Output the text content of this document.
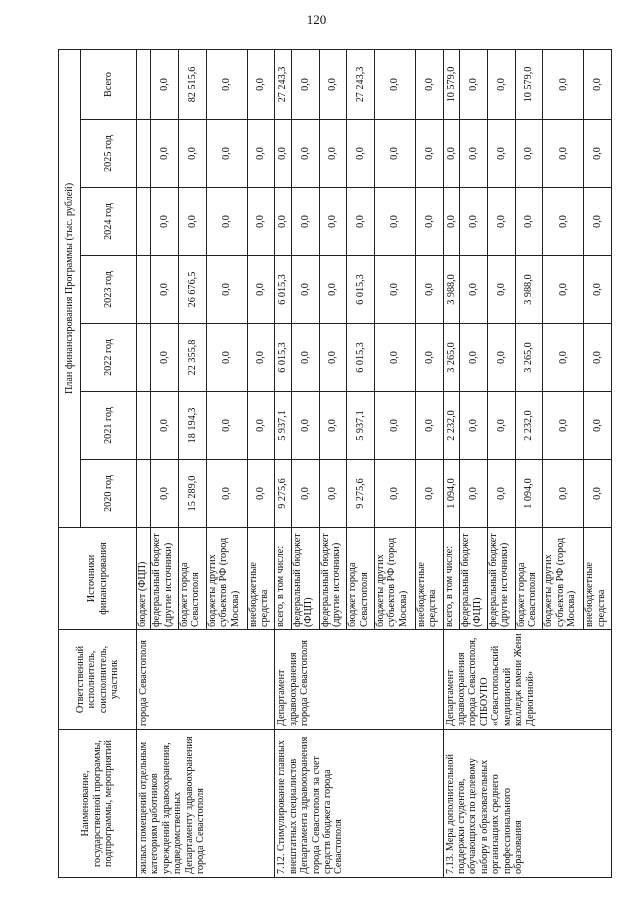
120
Наименование, государственной программы, подпрограммы, мероприятий	Ответственный исполнитель, соисполнитель, участник	Источники финансирования	План финансирования Программы (тыс. рублей)						
			2020 год	2021 год	2022 год	2023 год	2024 год	2025 год	Всего
жилых помещений отдельным категориям работников учреждений здравоохранения, подведомственных Департаменту здравоохранения города Севастополя	города Севастополя	бюджет (ФЦП)							
		федеральный бюджет (другие источники)	0,0	0,0	0,0	0,0	0,0	0,0	0,0
		бюджет города Севастополя	15 289,0	18 194,3	22 355,8	26 676,5	0,0	0,0	82 515,6
		бюджеты других субъектов РФ (город Москва)	0,0	0,0	0,0	0,0	0,0	0,0	0,0
		внебюджетные средства	0,0	0,0	0,0	0,0	0,0	0,0	0,0
7.12. Стимулирование главных внештатных специалистов Департамента здравоохранения города Севастополя за счет средств бюджета города Севастополя	Департамент здравоохранения города Севастополя	всего, в том числе:	9 275,6	5 937,1	6 015,3	6 015,3	0,0	0,0	27 243,3
		федеральный бюджет (ФЦП)	0,0	0,0	0,0	0,0	0,0	0,0	0,0
		федеральный бюджет (другие источники)	0,0	0,0	0,0	0,0	0,0	0,0	0,0
		бюджет города Севастополя	9 275,6	5 937,1	6 015,3	6 015,3	0,0	0,0	27 243,3
		бюджеты других субъектов РФ (город Москва)	0,0	0,0	0,0	0,0	0,0	0,0	0,0
		внебюджетные средства	0,0	0,0	0,0	0,0	0,0	0,0	0,0
7.13. Мера дополнительной поддержки студентов, обучающихся по целевому набору в образовательных организациях среднего профессионального образования	Департамент здравоохранения города Севастополя, СПБОУПО «Севастопольский медицинский колледж имени Жени Дерюгиной»	всего, в том числе:	1 094,0	2 232,0	3 265,0	3 988,0	0,0	0,0	10 579,0
		федеральный бюджет (ФЦП)	0,0	0,0	0,0	0,0	0,0	0,0	0,0
		федеральный бюджет (другие источники)	0,0	0,0	0,0	0,0	0,0	0,0	0,0
		бюджет города Севастополя	1 094,0	2 232,0	3 265,0	3 988,0	0,0	0,0	10 579,0
		бюджеты других субъектов РФ (город Москва)	0,0	0,0	0,0	0,0	0,0	0,0	0,0
		внебюджетные средства	0,0	0,0	0,0	0,0	0,0	0,0	0,0
